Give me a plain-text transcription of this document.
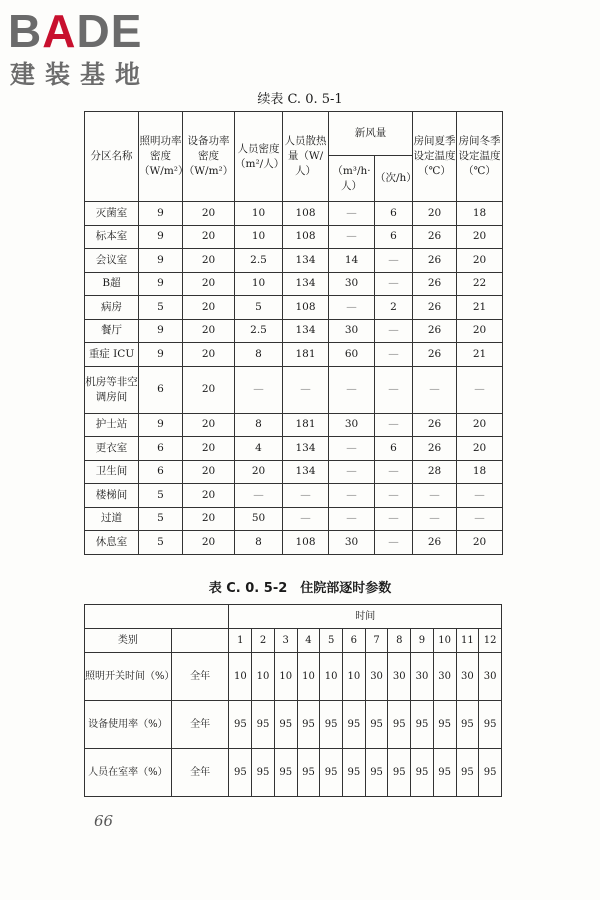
BADE
建装基地
续表 C. 0. 5-1
分区名称	照明功率密度（W/m²）	设备功率密度（W/m²）	人员密度（m²/人）	人员散热量（W/人）	新风量		房间夏季设定温度（℃）	房间冬季设定温度（℃）
					（m³/h·人）	（次/h）		
灭菌室	9	20	10	108	—	6	20	18
标本室	9	20	10	108	—	6	26	20
会议室	9	20	2.5	134	14	—	26	20
B超	9	20	10	134	30	—	26	22
病房	5	20	5	108	—	2	26	21
餐厅	9	20	2.5	134	30	—	26	20
重症 ICU	9	20	8	181	60	—	26	21
机房等非空调房间	6	20	—	—	—	—	—	—
护士站	9	20	8	181	30	—	26	20
更衣室	6	20	4	134	—	6	26	20
卫生间	6	20	20	134	—	—	28	18
楼梯间	5	20	—	—	—	—	—	—
过道	5	20	50	—	—	—	—	—
休息室	5	20	8	108	30	—	26	20
表 C. 0. 5-2　住院部逐时参数
		时间											
类别		1	2	3	4	5	6	7	8	9	10	11	12
照明开关时间（%）	全年	10	10	10	10	10	10	30	30	30	30	30	30
设备使用率（%）	全年	95	95	95	95	95	95	95	95	95	95	95	95
人员在室率（%）	全年	95	95	95	95	95	95	95	95	95	95	95	95
66
